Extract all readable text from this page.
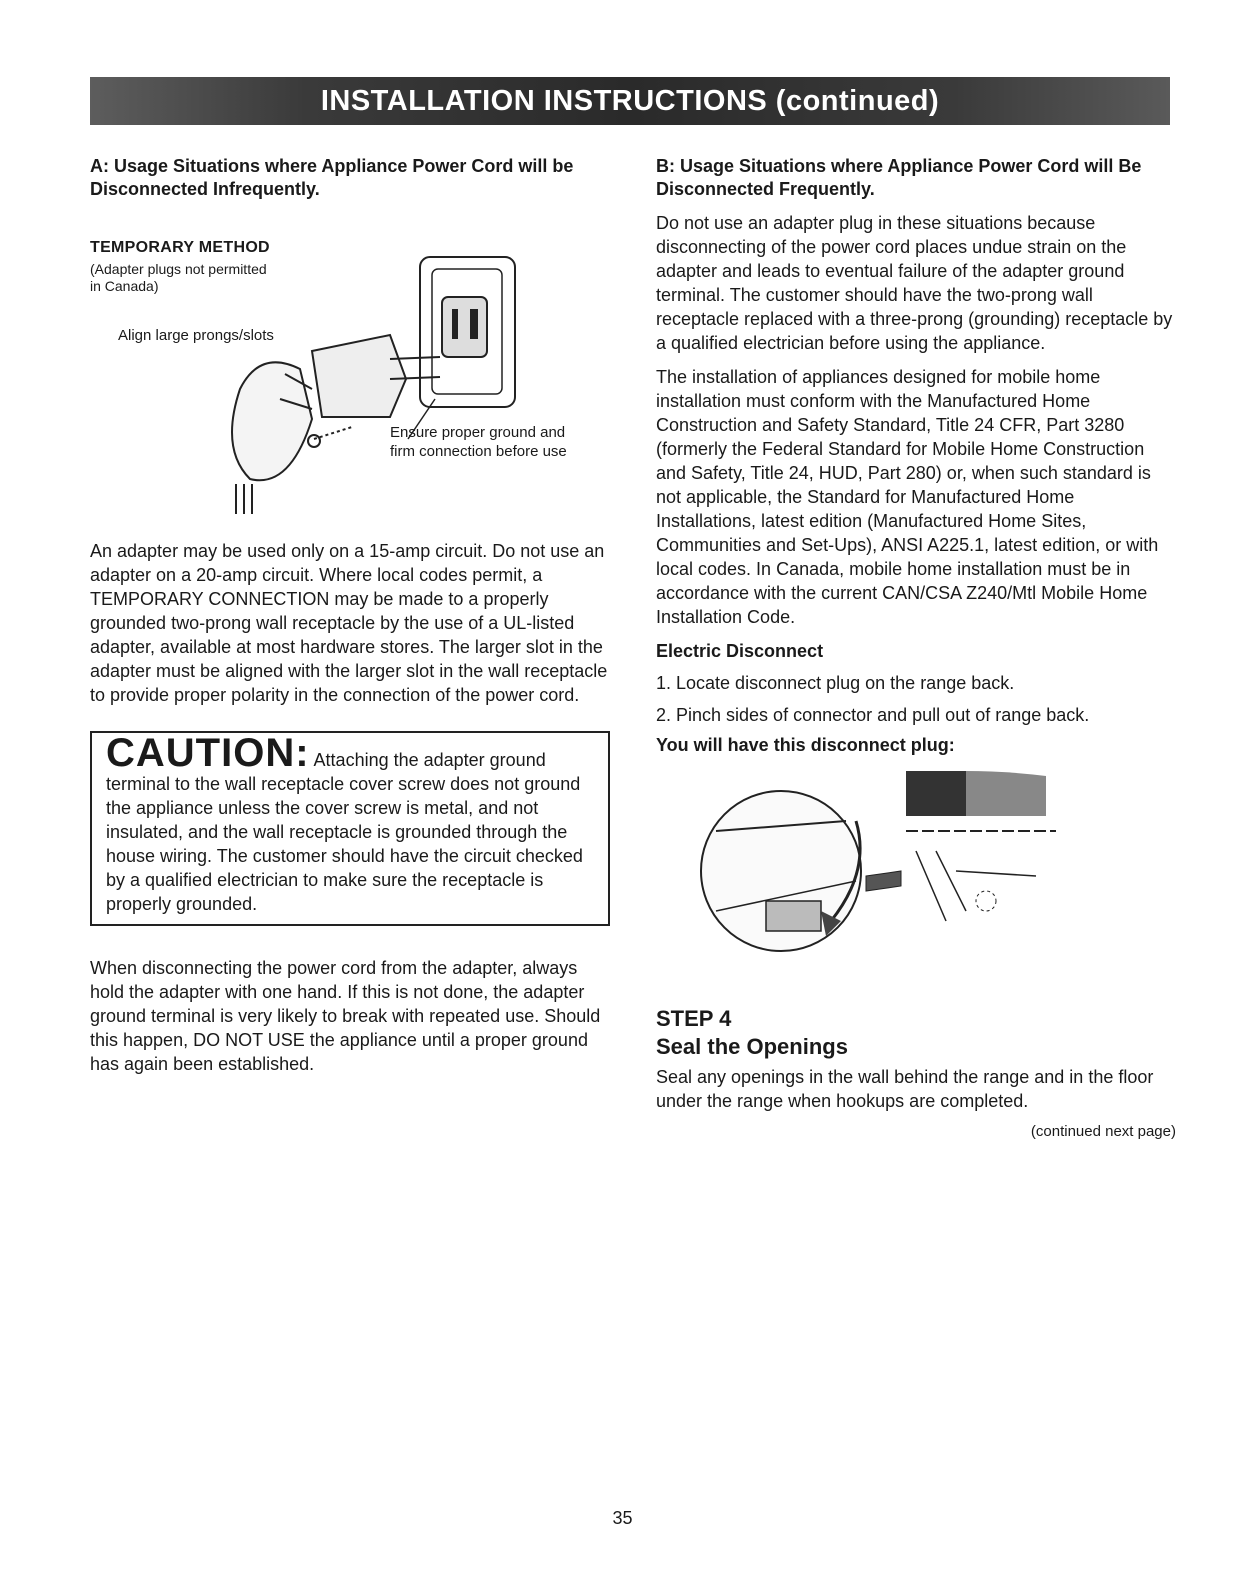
INSTALLATION INSTRUCTIONS (continued)
A: Usage Situations where Appliance Power Cord will be Disconnected Infrequently.
TEMPORARY METHOD
(Adapter plugs not permitted in Canada)
Align large prongs/slots
Ensure proper ground and firm connection before use

An adapter may be used only on a 15-amp circuit. Do not use an adapter on a 20-amp circuit. Where local codes permit, a TEMPORARY CONNECTION may be made to a properly grounded two-prong wall receptacle by the use of a UL-listed adapter, available at most hardware stores. The larger slot in the adapter must be aligned with the larger slot in the wall receptacle to provide proper polarity in the connection of the power cord.

CAUTION: Attaching the adapter ground terminal to the wall receptacle cover screw does not ground the appliance unless the cover screw is metal, and not insulated, and the wall receptacle is grounded through the house wiring. The customer should have the circuit checked by a qualified electrician to make sure the receptacle is properly grounded.

When disconnecting the power cord from the adapter, always hold the adapter with one hand. If this is not done, the adapter ground terminal is very likely to break with repeated use. Should this happen, DO NOT USE the appliance until a proper ground has again been established.

B: Usage Situations where Appliance Power Cord will Be Disconnected Frequently.

Do not use an adapter plug in these situations because disconnecting of the power cord places undue strain on the adapter and leads to eventual failure of the adapter ground terminal. The customer should have the two-prong wall receptacle replaced with a three-prong (grounding) receptacle by a qualified electrician before using the appliance.

The installation of appliances designed for mobile home installation must conform with the Manufactured Home Construction and Safety Standard, Title 24 CFR, Part 3280 (formerly the Federal Standard for Mobile Home Construction and Safety, Title 24, HUD, Part 280) or, when such standard is not applicable, the Standard for Manufactured Home Installations, latest edition (Manufactured Home Sites, Communities and Set-Ups), ANSI A225.1, latest edition, or with local codes. In Canada, mobile home installation must be in accordance with the current CAN/CSA Z240/Mtl Mobile Home Installation Code.

Electric Disconnect

1. Locate disconnect plug on the range back.

2. Pinch sides of connector and pull out of range back.

You will have this disconnect plug:

STEP 4
Seal the Openings

Seal any openings in the wall behind the range and in the floor under the range when hookups are completed.

(continued next page)
35
